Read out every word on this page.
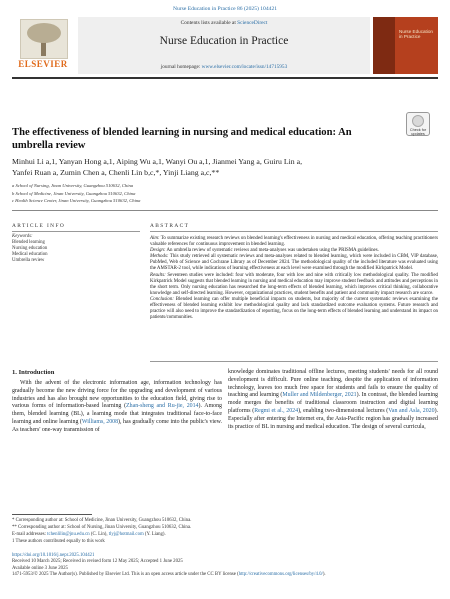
Nurse Education in Practice 86 (2025) 104421
ELSEVIER
Contents lists available at ScienceDirect
Nurse Education in Practice
journal homepage: www.elsevier.com/locate/issn/14715953
Nurse Education in Practice
The effectiveness of blended learning in nursing and medical education: An umbrella review
Check for updates
Minhui Li a,1, Yanyan Hong a,1, Aiping Wu a,1, Wanyi Ou a,1, Jianmei Yang a, Guiru Lin a,
Yanfei Ruan a, Zumin Chen a, Chenli Lin b,c,*, Yinji Liang a,c,**
a School of Nursing, Jinan University, Guangzhou 510632, China
b School of Medicine, Jinan University, Guangzhou 510632, China
c Health Science Center, Jinan University, Guangzhou 510632, China
ARTICLE INFO	ABSTRACT
Keywords:
Blended learning
Nursing education
Medical education
Umbrella review

Aim: To summarize existing research reviews on blended learning's effectiveness in nursing and medical education, offering teaching practitioners valuable references for continuous improvement in blended learning.

Design: An umbrella review of systematic reviews and meta-analyses was undertaken using the PRISMA guidelines.

Methods: This study retrieved all systematic reviews and meta-analyses related to blended learning, which were included in CBM, VIP database, PubMed, Web of Science and Cochrane Library as of December 2024. The methodological quality of the included literature was evaluated using the AMSTAR-2 tool, while indications of learning effectiveness at each level were examined through the modified Kirkpatrick Model.

Results: Seventeen studies were included: four with moderate, four with low and nine with critically low methodological quality. The modified Kirkpatrick Model suggests that blended learning in nursing and medical education may improve student feedback and attitudes and perceptions in the short term. Only nursing education has researched the long-term effects of blended learning, which improves critical thinking, collaborative knowledge and self-directed learning. However, organizational practices, student benefits and patient and community impact research are scarce.

Conclusion: Blended learning can offer multiple beneficial impacts on students, but majority of the current systematic reviews examining the effectiveness of blended learning exhibit low methodological quality and lack standardized outcome evaluation systems. Future research and practice will also need to improve the standardization of reporting, focus on the long-term effects of blended learning and understand its impact on patients/communities.

1. Introduction

With the advent of the electronic information age, information technology has gradually become the new driving force for the upgrading and development of various industries and has also brought new opportunities to the education field, giving rise to various forms of information-based learning (Zhan-sheng and Ru-jie, 2014). Among them, blended learning (BL), a learning mode that integrates traditional face-to-face learning and online learning (Williams, 2008), has gradually come into the public's view. As teachers' one-way transmission of

knowledge dominates traditional offline lectures, meeting students' needs for all round development is difficult. Pure online teaching, despite the application of information technology, leaves too much free space for students and fails to ensure the quality of teaching and learning (Muller and Mildenberger, 2021). In contrast, the blended learning mode merges the benefits of traditional classroom instruction and digital learning platforms (Regmi et al., 2024), enabling two-dimensional lectures (Van and Asla, 2020). Especially after entering the Internet era, the Asia-Pacific region has gradually increased its practice of BL in nursing and medical education. The design of several curricula,

* Corresponding author at: School of Medicine, Jinan University, Guangzhou 510632, China.
** Corresponding author at: School of Nursing, Jinan University, Guangzhou 510632, China.
E-mail addresses: tchenlilin@jnu.edu.cn (C. Lin), tlyj@hotmail.com (Y. Liang).
1 These authors contributed equally to this work
https://doi.org/10.1016/j.nepr.2025.104421
Received 10 March 2025; Received in revised form 12 May 2025; Accepted 1 June 2025
Available online 3 June 2025
1471-5953/© 2025 The Author(s). Published by Elsevier Ltd. This is an open access article under the CC BY license (http://creativecommons.org/licenses/by/4.0/).
